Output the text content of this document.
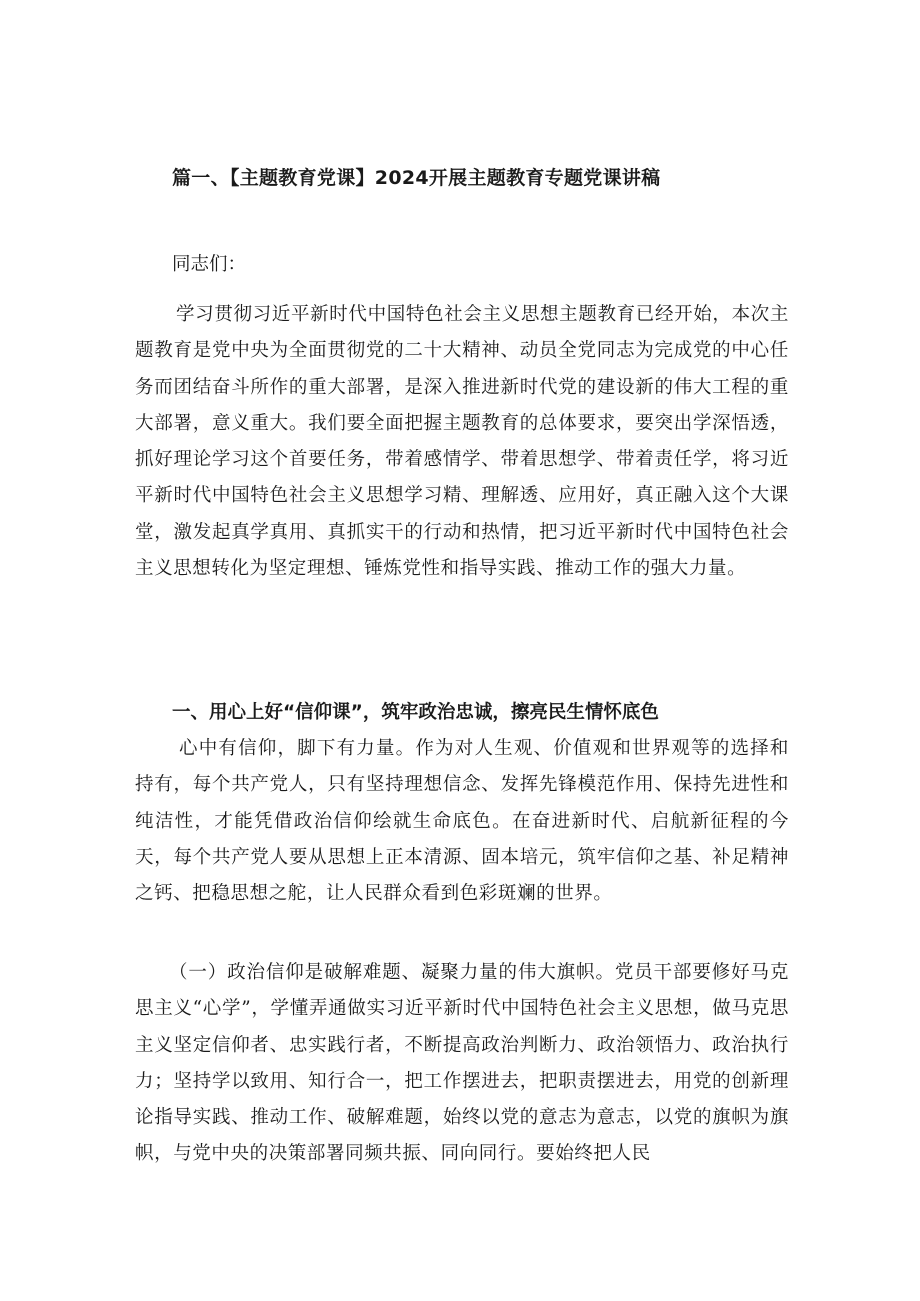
篇一、【主题教育党课】2024开展主题教育专题党课讲稿

同志们：

学习贯彻习近平新时代中国特色社会主义思想主题教育已经开始，本次主题教育是党中央为全面贯彻党的二十大精神、动员全党同志为完成党的中心任务而团结奋斗所作的重大部署，是深入推进新时代党的建设新的伟大工程的重大部署，意义重大。我们要全面把握主题教育的总体要求，要突出学深悟透，抓好理论学习这个首要任务，带着感情学、带着思想学、带着责任学，将习近平新时代中国特色社会主义思想学习精、理解透、应用好，真正融入这个大课堂，激发起真学真用、真抓实干的行动和热情，把习近平新时代中国特色社会主义思想转化为坚定理想、锤炼党性和指导实践、推动工作的强大力量。

一、用心上好“信仰课”，筑牢政治忠诚，擦亮民生情怀底色

心中有信仰，脚下有力量。作为对人生观、价值观和世界观等的选择和持有，每个共产党人，只有坚持理想信念、发挥先锋模范作用、保持先进性和纯洁性，才能凭借政治信仰绘就生命底色。在奋进新时代、启航新征程的今天，每个共产党人要从思想上正本清源、固本培元，筑牢信仰之基、补足精神之钙、把稳思想之舵，让人民群众看到色彩斑斓的世界。

（一）政治信仰是破解难题、凝聚力量的伟大旗帜。党员干部要修好马克思主义“心学”，学懂弄通做实习近平新时代中国特色社会主义思想，做马克思主义坚定信仰者、忠实践行者，不断提高政治判断力、政治领悟力、政治执行力；坚持学以致用、知行合一，把工作摆进去，把职责摆进去，用党的创新理论指导实践、推动工作、破解难题，始终以党的意志为意志，以党的旗帜为旗帜，与党中央的决策部署同频共振、同向同行。要始终把人民
